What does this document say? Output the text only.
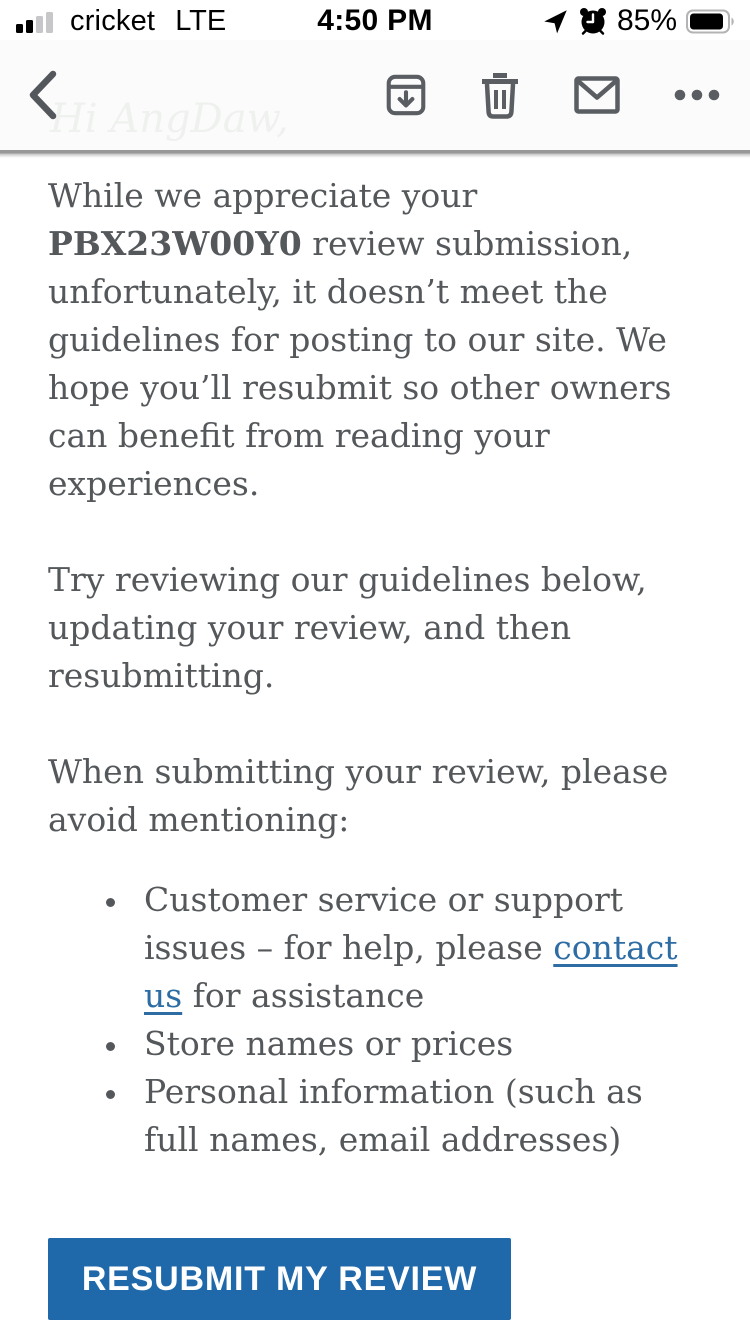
cricket LTE	4:50 PM	85%
Hi AngDaw,

While we appreciate your PBX23W00Y0 review submission, unfortunately, it doesn’t meet the guidelines for posting to our site. We hope you’ll resubmit so other owners can benefit from reading your experiences.

Try reviewing our guidelines below, updating your review, and then resubmitting.

When submitting your review, please avoid mentioning:

• Customer service or support issues – for help, please contact us for assistance
• Store names or prices
• Personal information (such as full names, email addresses)
RESUBMIT MY REVIEW
